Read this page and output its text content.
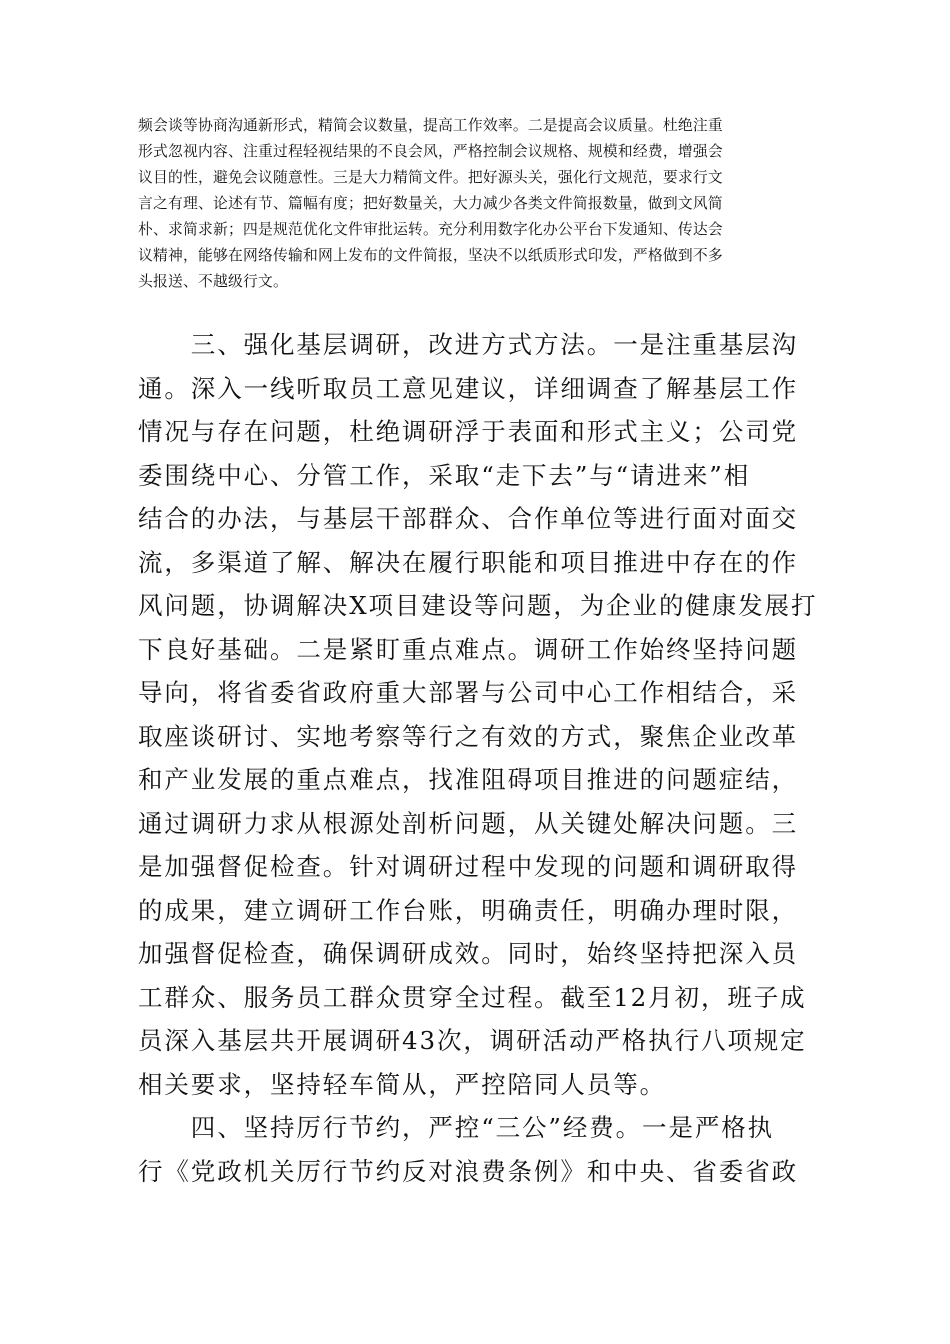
频会谈等协商沟通新形式，精简会议数量，提高工作效率。二是提高会议质量。杜绝注重
形式忽视内容、注重过程轻视结果的不良会风，严格控制会议规格、规模和经费，增强会
议目的性，避免会议随意性。三是大力精简文件。把好源头关，强化行文规范，要求行文
言之有理、论述有节、篇幅有度；把好数量关，大力减少各类文件简报数量，做到文风简
朴、求简求新；四是规范优化文件审批运转。充分利用数字化办公平台下发通知、传达会
议精神，能够在网络传输和网上发布的文件简报，坚决不以纸质形式印发，严格做到不多
头报送、不越级行文。
　　三、强化基层调研，改进方式方法。一是注重基层沟
通。深入一线听取员工意见建议，详细调查了解基层工作
情况与存在问题，杜绝调研浮于表面和形式主义；公司党
委围绕中心、分管工作，采取“走下去”与“请进来”相
结合的办法，与基层干部群众、合作单位等进行面对面交
流，多渠道了解、解决在履行职能和项目推进中存在的作
风问题，协调解决X项目建设等问题，为企业的健康发展打
下良好基础。二是紧盯重点难点。调研工作始终坚持问题
导向，将省委省政府重大部署与公司中心工作相结合，采
取座谈研讨、实地考察等行之有效的方式，聚焦企业改革
和产业发展的重点难点，找准阻碍项目推进的问题症结，
通过调研力求从根源处剖析问题，从关键处解决问题。三
是加强督促检查。针对调研过程中发现的问题和调研取得
的成果，建立调研工作台账，明确责任，明确办理时限，
加强督促检查，确保调研成效。同时，始终坚持把深入员
工群众、服务员工群众贯穿全过程。截至12月初，班子成
员深入基层共开展调研43次，调研活动严格执行八项规定
相关要求，坚持轻车简从，严控陪同人员等。
　　四、坚持厉行节约，严控“三公”经费。一是严格执
行《党政机关厉行节约反对浪费条例》和中央、省委省政
